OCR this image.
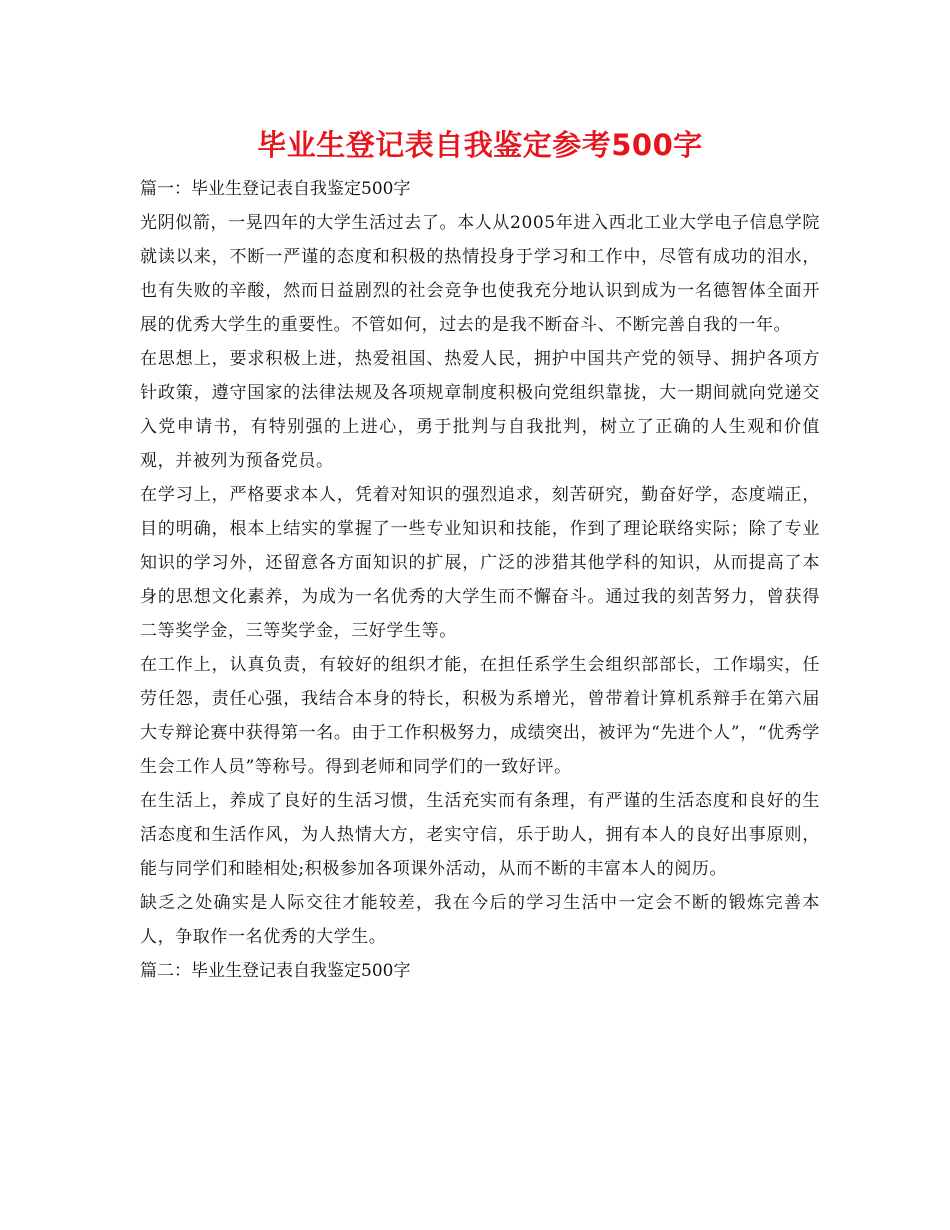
毕业生登记表自我鉴定参考500字

篇一：毕业生登记表自我鉴定500字

光阴似箭，一晃四年的大学生活过去了。本人从2005年进入西北工业大学电子信息学院就读以来，不断一严谨的态度和积极的热情投身于学习和工作中，尽管有成功的泪水，也有失败的辛酸，然而日益剧烈的社会竞争也使我充分地认识到成为一名德智体全面开展的优秀大学生的重要性。不管如何，过去的是我不断奋斗、不断完善自我的一年。

在思想上，要求积极上进，热爱祖国、热爱人民，拥护中国共产党的领导、拥护各项方针政策，遵守国家的法律法规及各项规章制度积极向党组织靠拢，大一期间就向党递交入党申请书，有特别强的上进心，勇于批判与自我批判，树立了正确的人生观和价值观，并被列为预备党员。

在学习上，严格要求本人，凭着对知识的强烈追求，刻苦研究，勤奋好学，态度端正，目的明确，根本上结实的掌握了一些专业知识和技能，作到了理论联络实际；除了专业知识的学习外，还留意各方面知识的扩展，广泛的涉猎其他学科的知识，从而提高了本身的思想文化素养，为成为一名优秀的大学生而不懈奋斗。通过我的刻苦努力，曾获得二等奖学金，三等奖学金，三好学生等。

在工作上，认真负责，有较好的组织才能，在担任系学生会组织部部长，工作塌实，任劳任怨，责任心强，我结合本身的特长，积极为系增光，曾带着计算机系辩手在第六届大专辩论赛中获得第一名。由于工作积极努力，成绩突出，被评为“先进个人”，“优秀学生会工作人员”等称号。得到老师和同学们的一致好评。

在生活上，养成了良好的生活习惯，生活充实而有条理，有严谨的生活态度和良好的生活态度和生活作风，为人热情大方，老实守信，乐于助人，拥有本人的良好出事原则，能与同学们和睦相处;积极参加各项课外活动，从而不断的丰富本人的阅历。

缺乏之处确实是人际交往才能较差，我在今后的学习生活中一定会不断的锻炼完善本人，争取作一名优秀的大学生。

篇二：毕业生登记表自我鉴定500字
